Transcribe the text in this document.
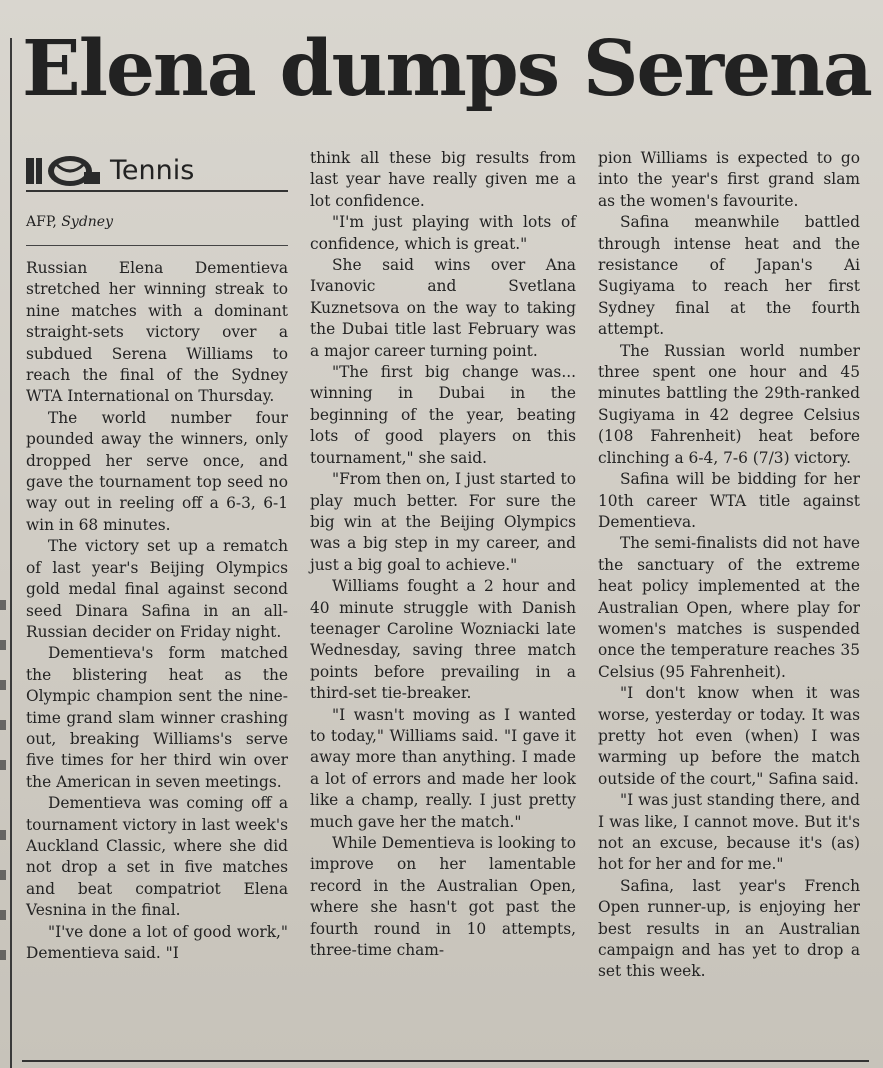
Elena dumps Serena
Tennis
AFP, Sydney

Russian Elena Dementieva stretched her winning streak to nine matches with a dominant straight-sets victory over a subdued Serena Williams to reach the final of the Sydney WTA International on Thursday.

The world number four pounded away the winners, only dropped her serve once, and gave the tournament top seed no way out in reeling off a 6-3, 6-1 win in 68 minutes.

The victory set up a rematch of last year's Beijing Olympics gold medal final against second seed Dinara Safina in an all-Russian decider on Friday night.

Dementieva's form matched the blistering heat as the Olympic champion sent the nine-time grand slam winner crashing out, breaking Williams's serve five times for her third win over the American in seven meetings.

Dementieva was coming off a tournament victory in last week's Auckland Classic, where she did not drop a set in five matches and beat compatriot Elena Vesnina in the final.

"I've done a lot of good work," Dementieva said. "I

think all these big results from last year have really given me a lot confidence.

"I'm just playing with lots of confidence, which is great."

She said wins over Ana Ivanovic and Svetlana Kuznetsova on the way to taking the Dubai title last February was a major career turning point.

"The first big change was... winning in Dubai in the beginning of the year, beating lots of good players on this tournament," she said.

"From then on, I just started to play much better. For sure the big win at the Beijing Olympics was a big step in my career, and just a big goal to achieve."

Williams fought a 2 hour and 40 minute struggle with Danish teenager Caroline Wozniacki late Wednesday, saving three match points before prevailing in a third-set tie-breaker.

"I wasn't moving as I wanted to today," Williams said. "I gave it away more than anything. I made a lot of errors and made her look like a champ, really. I just pretty much gave her the match."

While Dementieva is looking to improve on her lamentable record in the Australian Open, where she hasn't got past the fourth round in 10 attempts, three-time cham-

pion Williams is expected to go into the year's first grand slam as the women's favourite.

Safina meanwhile battled through intense heat and the resistance of Japan's Ai Sugiyama to reach her first Sydney final at the fourth attempt.

The Russian world number three spent one hour and 45 minutes battling the 29th-ranked Sugiyama in 42 degree Celsius (108 Fahrenheit) heat before clinching a 6-4, 7-6 (7/3) victory.

Safina will be bidding for her 10th career WTA title against Dementieva.

The semi-finalists did not have the sanctuary of the extreme heat policy implemented at the Australian Open, where play for women's matches is suspended once the temperature reaches 35 Celsius (95 Fahrenheit).

"I don't know when it was worse, yesterday or today. It was pretty hot even (when) I was warming up before the match outside of the court," Safina said.

"I was just standing there, and I was like, I cannot move. But it's not an excuse, because it's (as) hot for her and for me."

Safina, last year's French Open runner-up, is enjoying her best results in an Australian campaign and has yet to drop a set this week.
